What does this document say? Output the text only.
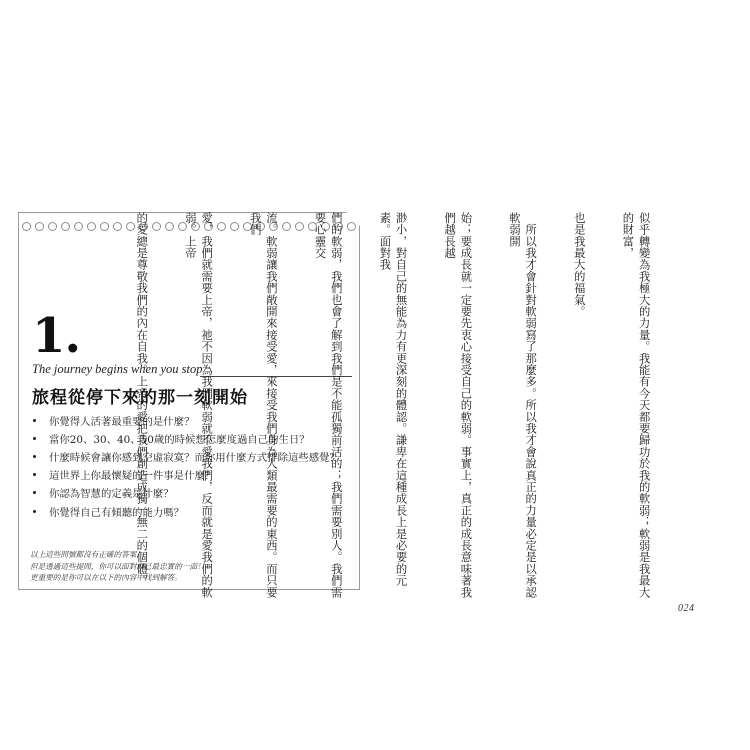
1.
The journey begins when you stop
旅程從停下來的那一刻開始
你覺得人活著最重要的是什麼？
當你20、30、40、50歲的時候想怎麼度過自己的生日？
什麼時候會讓你感到空虛寂寞？而你用什麼方式排除這些感覺？
這世界上你最懷疑的一件事是什麼？
你認為智慧的定義是什麼？
你覺得自己有傾聽的能力嗎？

以上這些問號都沒有正確的答案，

但是透過這些提問，你可以面對自己最忠實的一面！

更重要的是你可以在以下的內容中找到解答。

	似乎轉變為我極大的力量。我能有今天都要歸功於我的軟弱；軟弱是我最大的財富，

也是我最大的福氣。

　所以我才會針對軟弱寫了那麼多。所以我才會說真正的力量必定是以承認軟弱開

始；要成長就一定要先衷心接受自己的軟弱。事實上，真正的成長意味著我們越長越

渺小，對自己的無能為力有更深刻的體認。謙卑在這種成長上是必要的元素。面對我

們的軟弱，我們也會了解到我們是不能孤獨前活的；我們需要別人。我們需要心靈交

流。軟弱讓我們敞開來接受愛，來接受我們身為人類最需要的東西。而只要我們

愛，我們就需要上帝，祂不因為我們軟弱就不愛我們，反而就是愛我們的軟弱。上帝

的愛總是尊敬我們的內在自我。上帝的愛把我們創造成獨一無二的個體。

024
